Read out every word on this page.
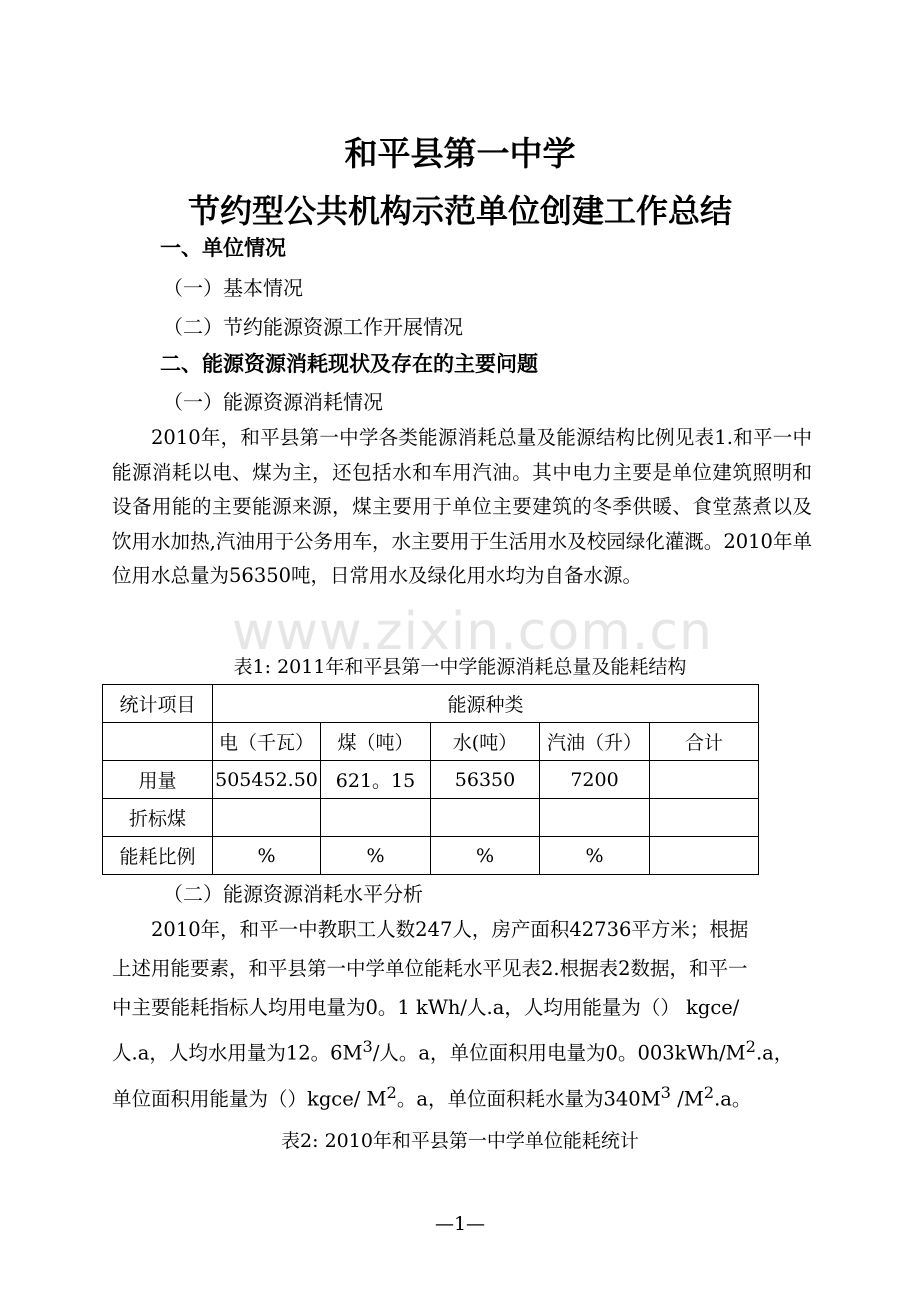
和平县第一中学
节约型公共机构示范单位创建工作总结
一、单位情况
（一）基本情况
（二）节约能源资源工作开展情况
二、能源资源消耗现状及存在的主要问题
（一）能源资源消耗情况

2010年，和平县第一中学各类能源消耗总量及能源结构比例见表1.和平一中能源消耗以电、煤为主，还包括水和车用汽油。其中电力主要是单位建筑照明和设备用能的主要能源来源，煤主要用于单位主要建筑的冬季供暖、食堂蒸煮以及饮用水加热,汽油用于公务用车，水主要用于生活用水及校园绿化灌溉。2010年单位用水总量为56350吨，日常用水及绿化用水均为自备水源。

www.zixin.com.cn
表1: 2011年和平县第一中学能源消耗总量及能耗结构
统计项目	能源种类				
	电（千瓦）	煤（吨）	水(吨）	汽油（升）	合计
用量	505452.50	621。15	56350	7200	
折标煤					
能耗比例	%	%	%	%	
（二）能源资源消耗水平分析

2010年，和平一中教职工人数247人，房产面积42736平方米；根据

上述用能要素，和平县第一中学单位能耗水平见表2.根据表2数据，和平一

中主要能耗指标人均用电量为0。1 kWh/人.a，人均用能量为（） kgce/

人.a，人均水用量为12。$6M^3/$人。a，单位面积用电量为0。$003kWh/M^2.a$，

单位面积用能量为（）kgce/ $M^2$。a，单位面积耗水量为$340M^3$ $/M^2.a$。

表2: 2010年和平县第一中学单位能耗统计
—1—
